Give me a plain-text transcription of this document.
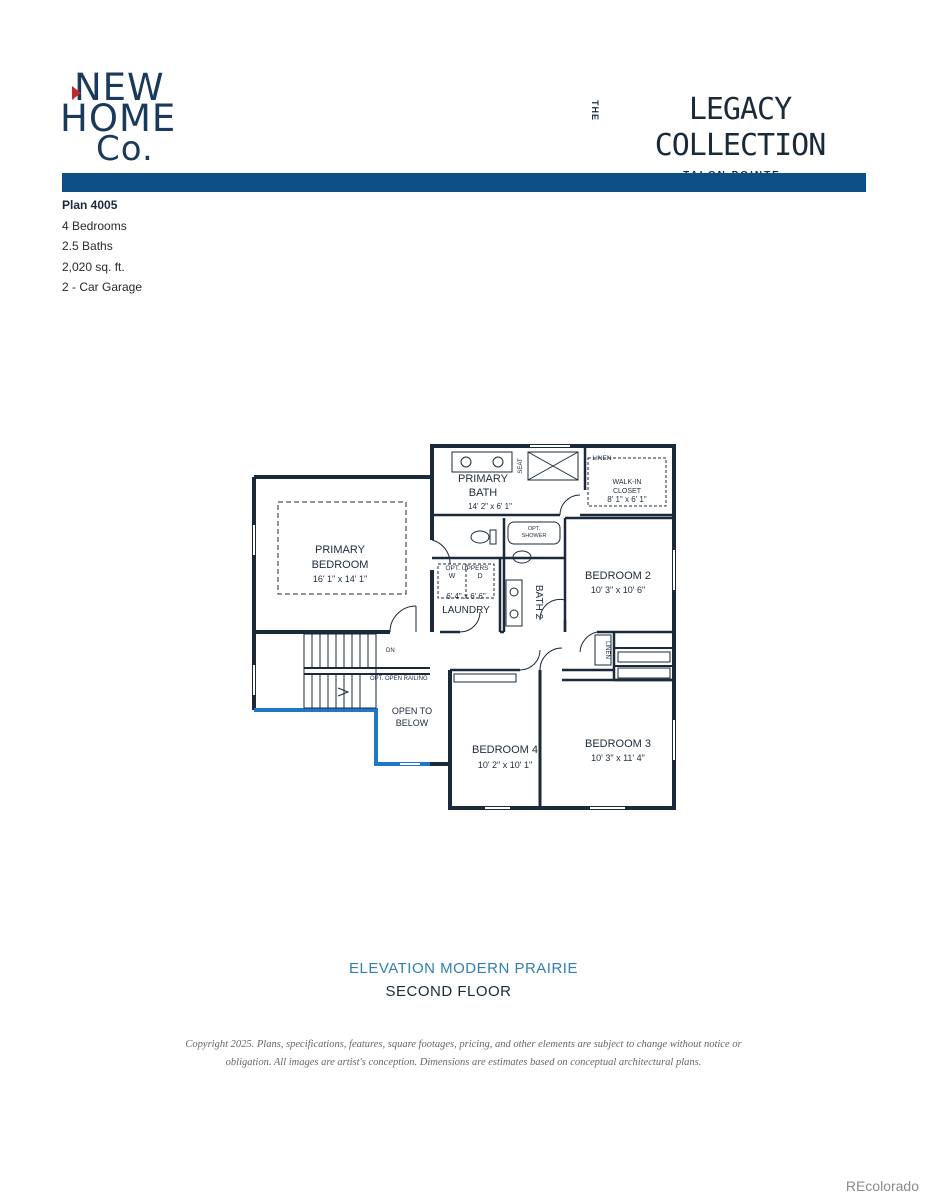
NEW
HOME
Co.
THE	LEGACY COLLECTION
Plan 4005
4 Bedrooms
2.5 Baths
2,020 sq. ft.
2 - Car Garage
PRIMARY
BEDROOM
16' 1" x 14' 1"
PRIMARY
BATH
14' 2" x 6' 1"
WALK-IN
CLOSET
8' 1" x 6' 1"
OPT. UPPERS
W	D
6' 4" x 6' 6"
LAUNDRY	BATH 2
BEDROOM 2
10' 3" x 10' 6"
BEDROOM 3
10' 3" x 11' 4"
BEDROOM 4
10' 2" x 10' 1"
OPEN TO
BELOW
LINEN
SEAT
OPT.
SHOWER
LINEN
DN
OPT. OPEN RAILING
ELEVATION MODERN PRAIRIE
SECOND FLOOR
Copyright 2025. Plans, specifications, features, square footages, pricing, and other elements are subject to change without notice or
obligation. All images are artist's conception. Dimensions are estimates based on conceptual architectural plans.
REcolorado
